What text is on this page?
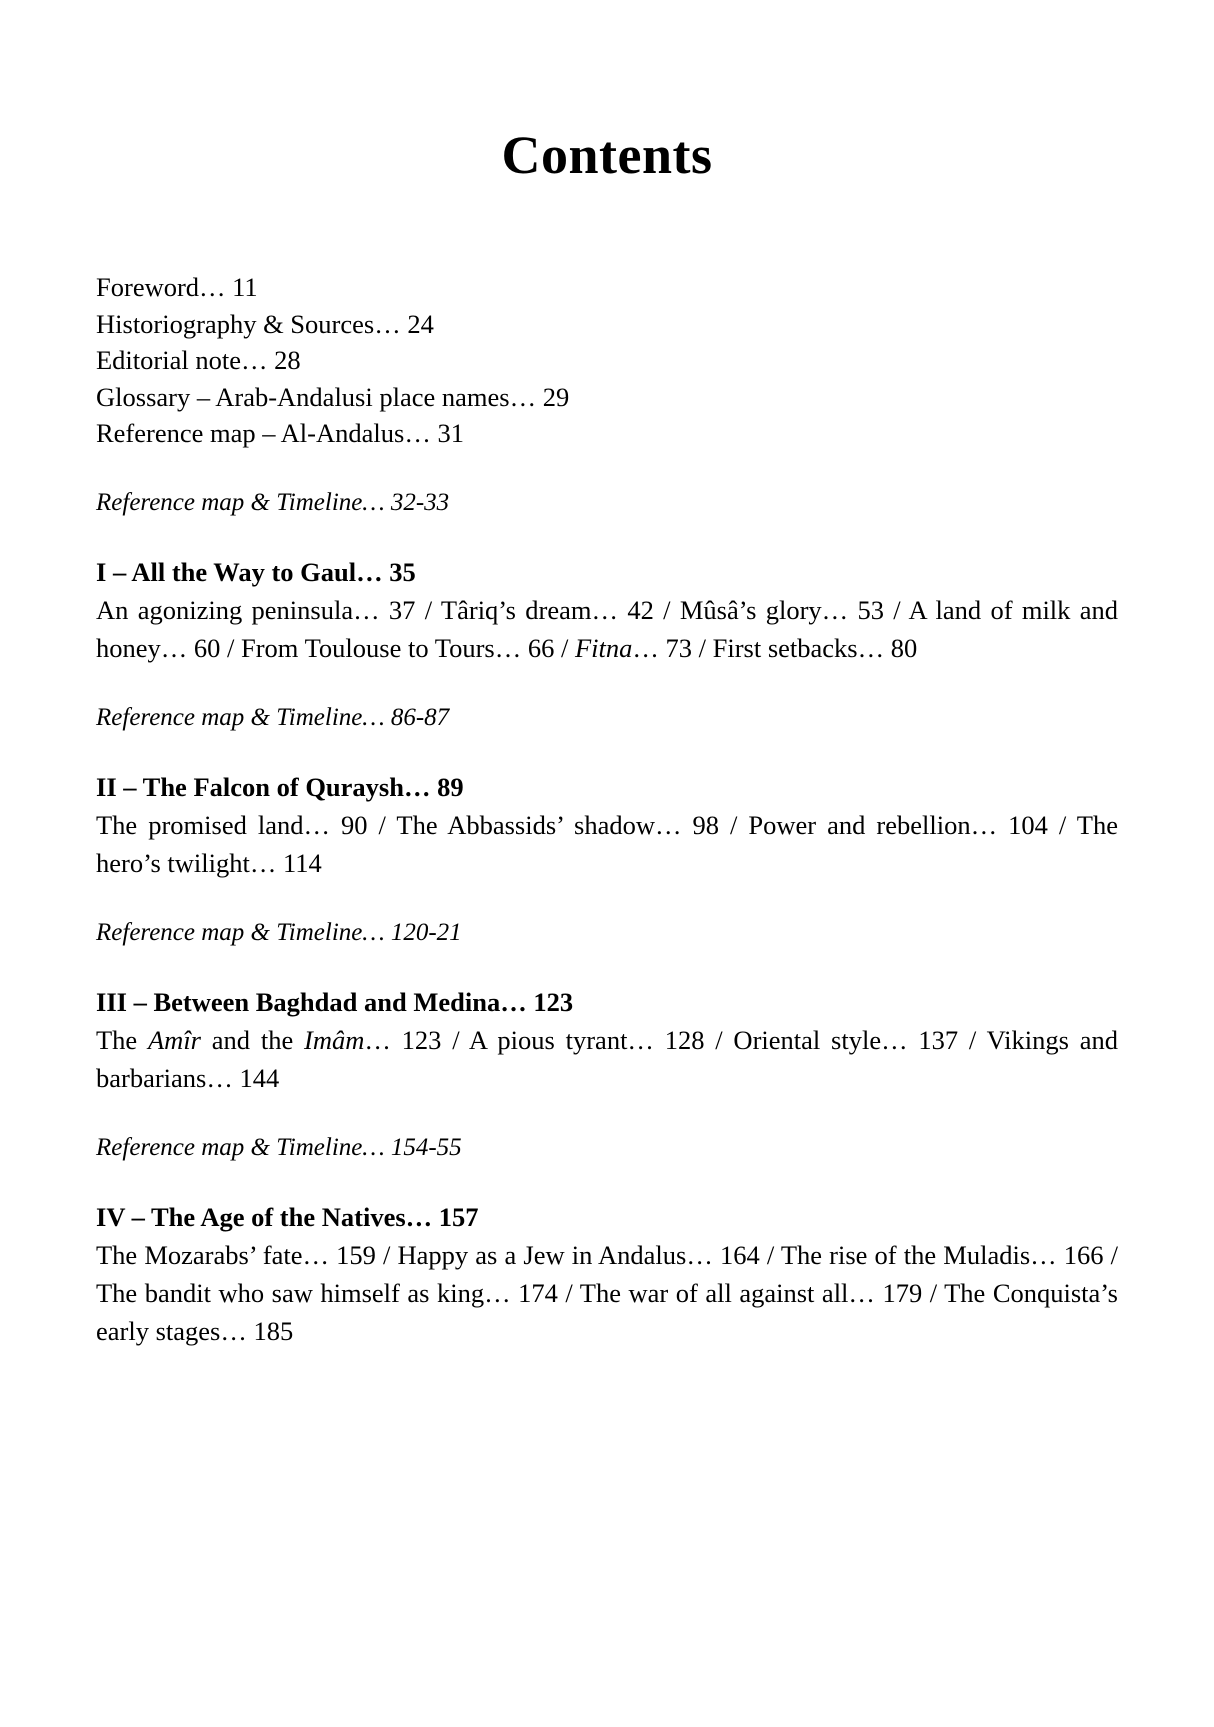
Contents
Foreword… 11
Historiography & Sources… 24
Editorial note… 28
Glossary – Arab-Andalusi place names… 29
Reference map – Al-Andalus… 31
Reference map & Timeline… 32-33
I – All the Way to Gaul… 35
An agonizing peninsula… 37 / Târiq’s dream… 42 / Mûsâ’s glory… 53 / A land of milk and honey… 60 / From Toulouse to Tours… 66 / Fitna… 73 / First setbacks… 80
Reference map & Timeline… 86-87
II – The Falcon of Quraysh… 89
The promised land… 90 / The Abbassids’ shadow… 98 / Power and rebellion… 104 / The hero’s twilight… 114
Reference map & Timeline… 120-21
III – Between Baghdad and Medina… 123
The Amîr and the Imâm… 123 / A pious tyrant… 128 / Oriental style… 137 / Vikings and barbarians… 144
Reference map & Timeline… 154-55
IV – The Age of the Natives… 157
The Mozarabs’ fate… 159 / Happy as a Jew in Andalus… 164 / The rise of the Muladis… 166 / The bandit who saw himself as king… 174 / The war of all against all… 179 / The Conquista’s early stages… 185
